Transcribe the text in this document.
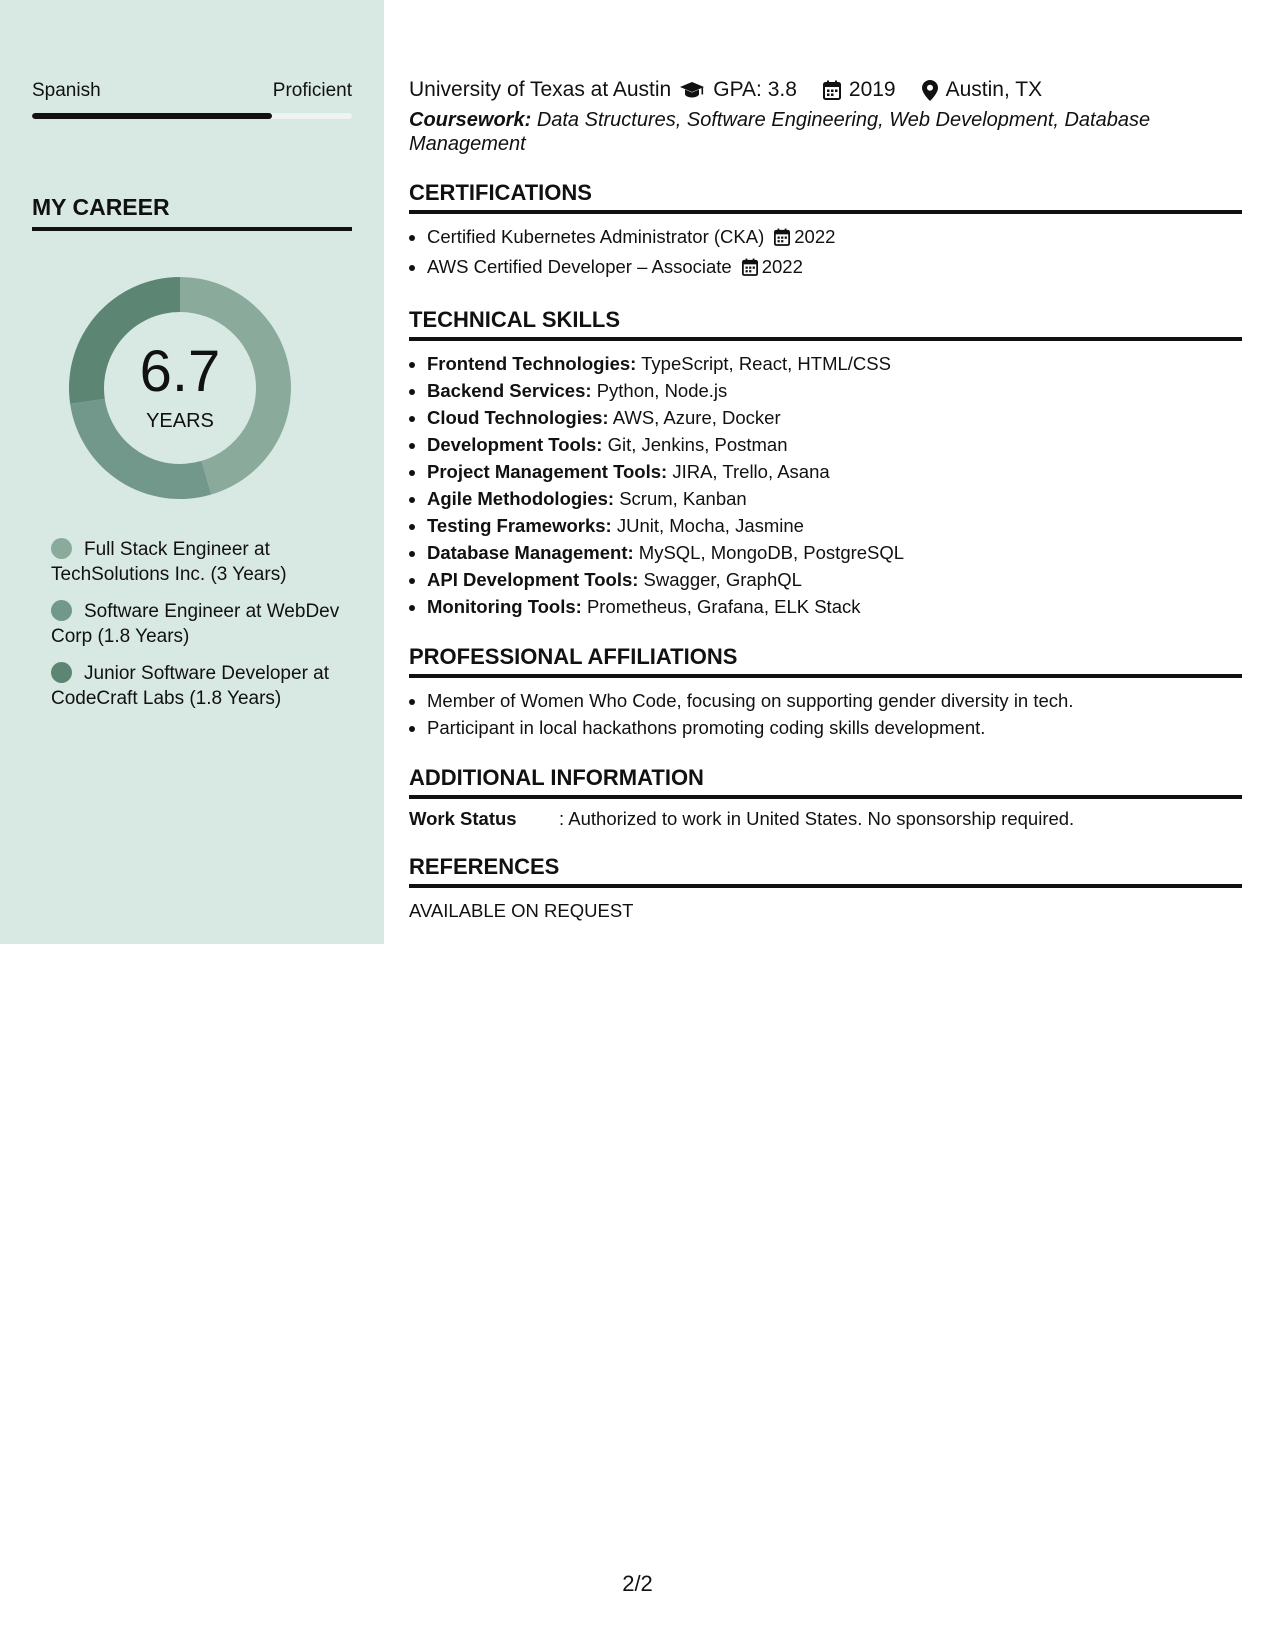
Spanish	Proficient
MY CAREER
6.7
YEARS
Full Stack Engineer at TechSolutions Inc. (3 Years)
Software Engineer at WebDev Corp (1.8 Years)
Junior Software Developer at CodeCraft Labs (1.8 Years)
University of Texas at Austin GPA: 3.8 2019 Austin, TX
Coursework: Data Structures, Software Engineering, Web Development, Database Management
CERTIFICATIONS
• Certified Kubernetes Administrator (CKA) 2022
• AWS Certified Developer – Associate 2022
TECHNICAL SKILLS
• Frontend Technologies: TypeScript, React, HTML/CSS
• Backend Services: Python, Node.js
• Cloud Technologies: AWS, Azure, Docker
• Development Tools: Git, Jenkins, Postman
• Project Management Tools: JIRA, Trello, Asana
• Agile Methodologies: Scrum, Kanban
• Testing Frameworks: JUnit, Mocha, Jasmine
• Database Management: MySQL, MongoDB, PostgreSQL
• API Development Tools: Swagger, GraphQL
• Monitoring Tools: Prometheus, Grafana, ELK Stack
PROFESSIONAL AFFILIATIONS
• Member of Women Who Code, focusing on supporting gender diversity in tech.
• Participant in local hackathons promoting coding skills development.
ADDITIONAL INFORMATION
Work Status	: Authorized to work in United States. No sponsorship required.
REFERENCES
AVAILABLE ON REQUEST
2/2
